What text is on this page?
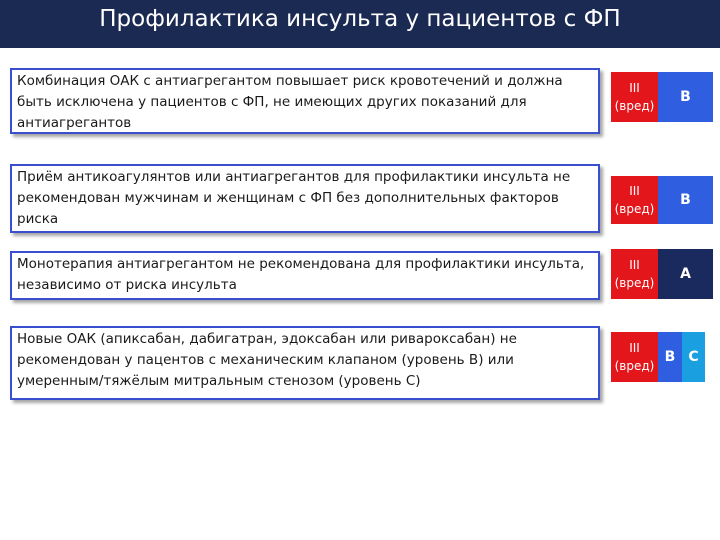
Профилактика инсульта у пациентов с ФП
Комбинация ОАК с антиагрегантом повышает риск кровотечений и должна быть исключена у пациентов с ФП, не имеющих других показаний для антиагрегантов
III
(вред)
B
Приём антикоагулянтов или антиагрегантов для профилактики инсульта не рекомендован мужчинам и женщинам с ФП без дополнительных факторов риска
III
(вред)
B
Монотерапия антиагрегантом не рекомендована для профилактики инсульта, независимо от риска инсульта
III
(вред)
A
Новые ОАК (апиксабан, дабигатран, эдоксабан или ривароксабан) не рекомендован у пацентов с механическим клапаном (уровень В) или умеренным/тяжёлым митральным стенозом (уровень С)
III
(вред)
B C
